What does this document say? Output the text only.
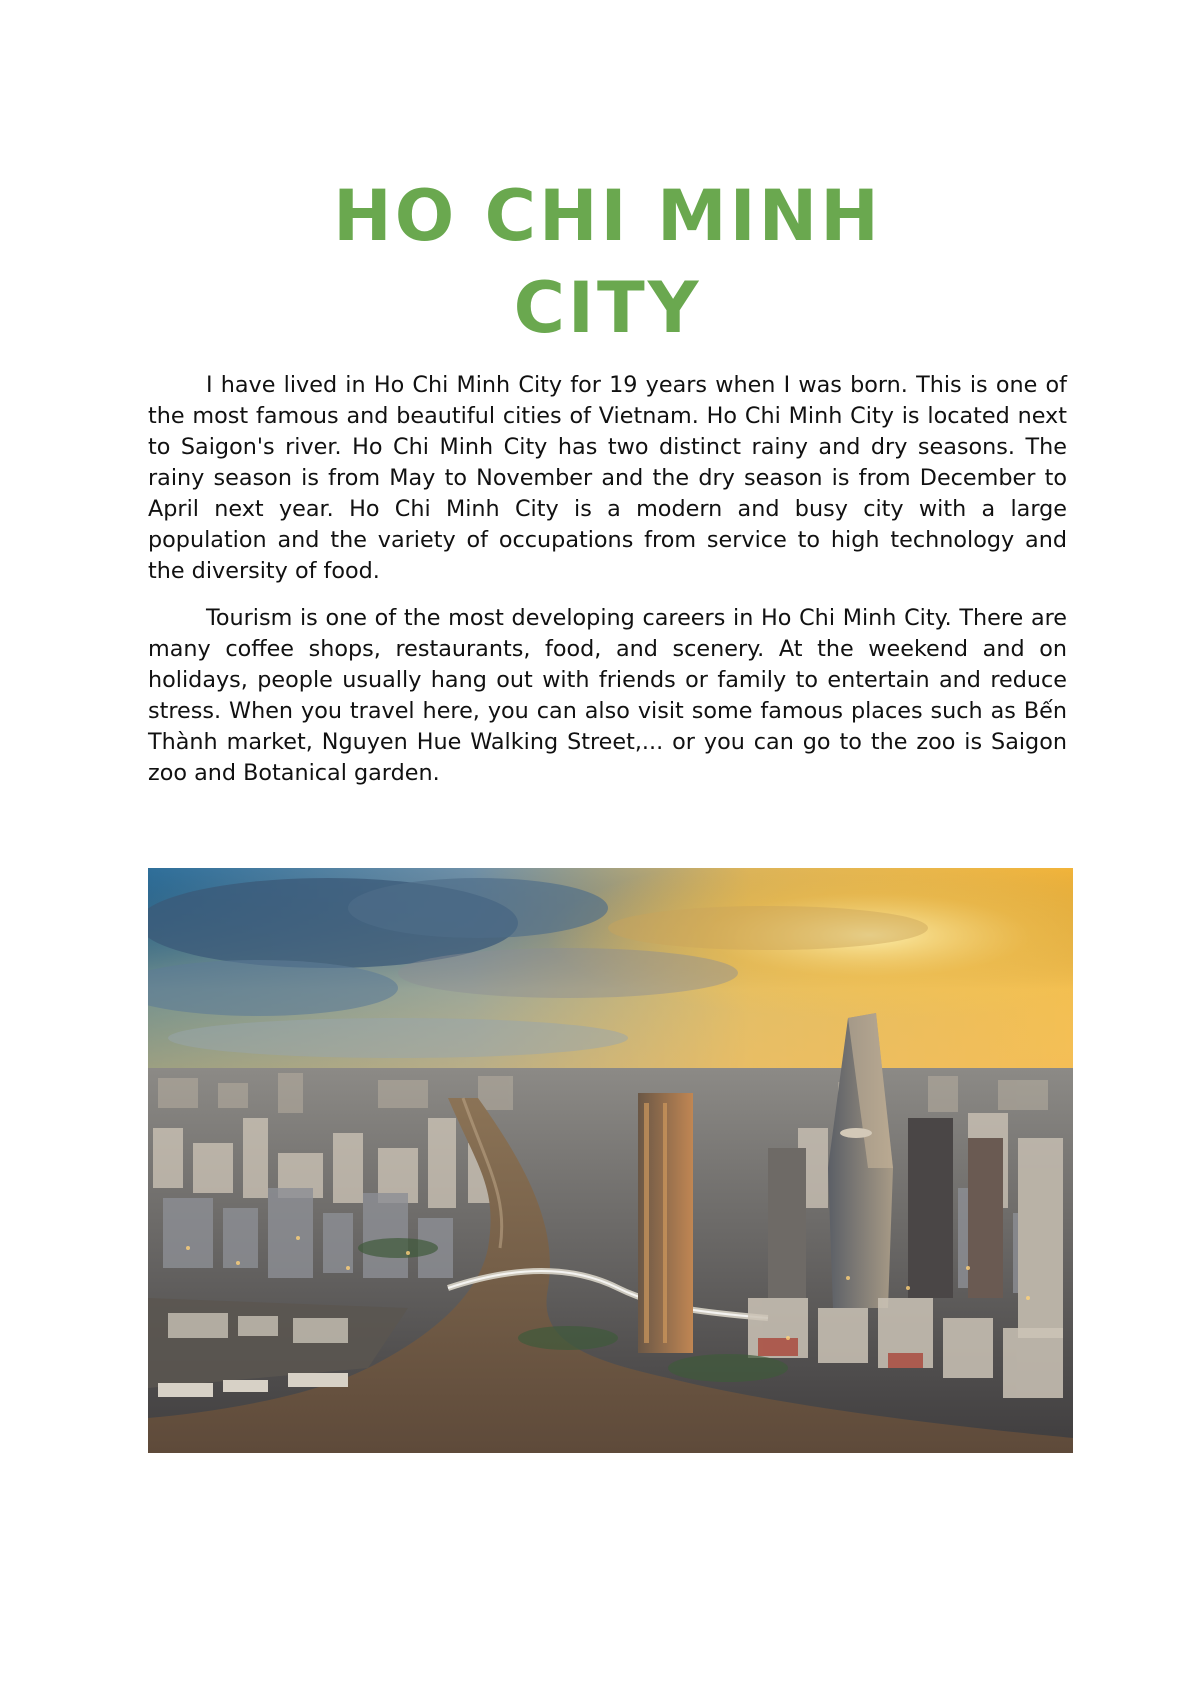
HO CHI MINH
CITY

I have lived in Ho Chi Minh City for 19 years when I was born. This is one of the most famous and beautiful cities of Vietnam. Ho Chi Minh City is located next to Saigon's river. Ho Chi Minh City has two distinct rainy and dry seasons. The rainy season is from May to November and the dry season is from December to April next year. Ho Chi Minh City is a modern and busy city with a large population and the variety of occupations from service to high technology and the diversity of food.

Tourism is one of the most developing careers in Ho Chi Minh City. There are many coffee shops, restaurants, food, and scenery. At the weekend and on holidays, people usually hang out with friends or family to entertain and reduce stress. When you travel here, you can also visit some famous places such as Bến Thành market, Nguyen Hue Walking Street,... or you can go to the zoo is Saigon zoo and Botanical garden.
